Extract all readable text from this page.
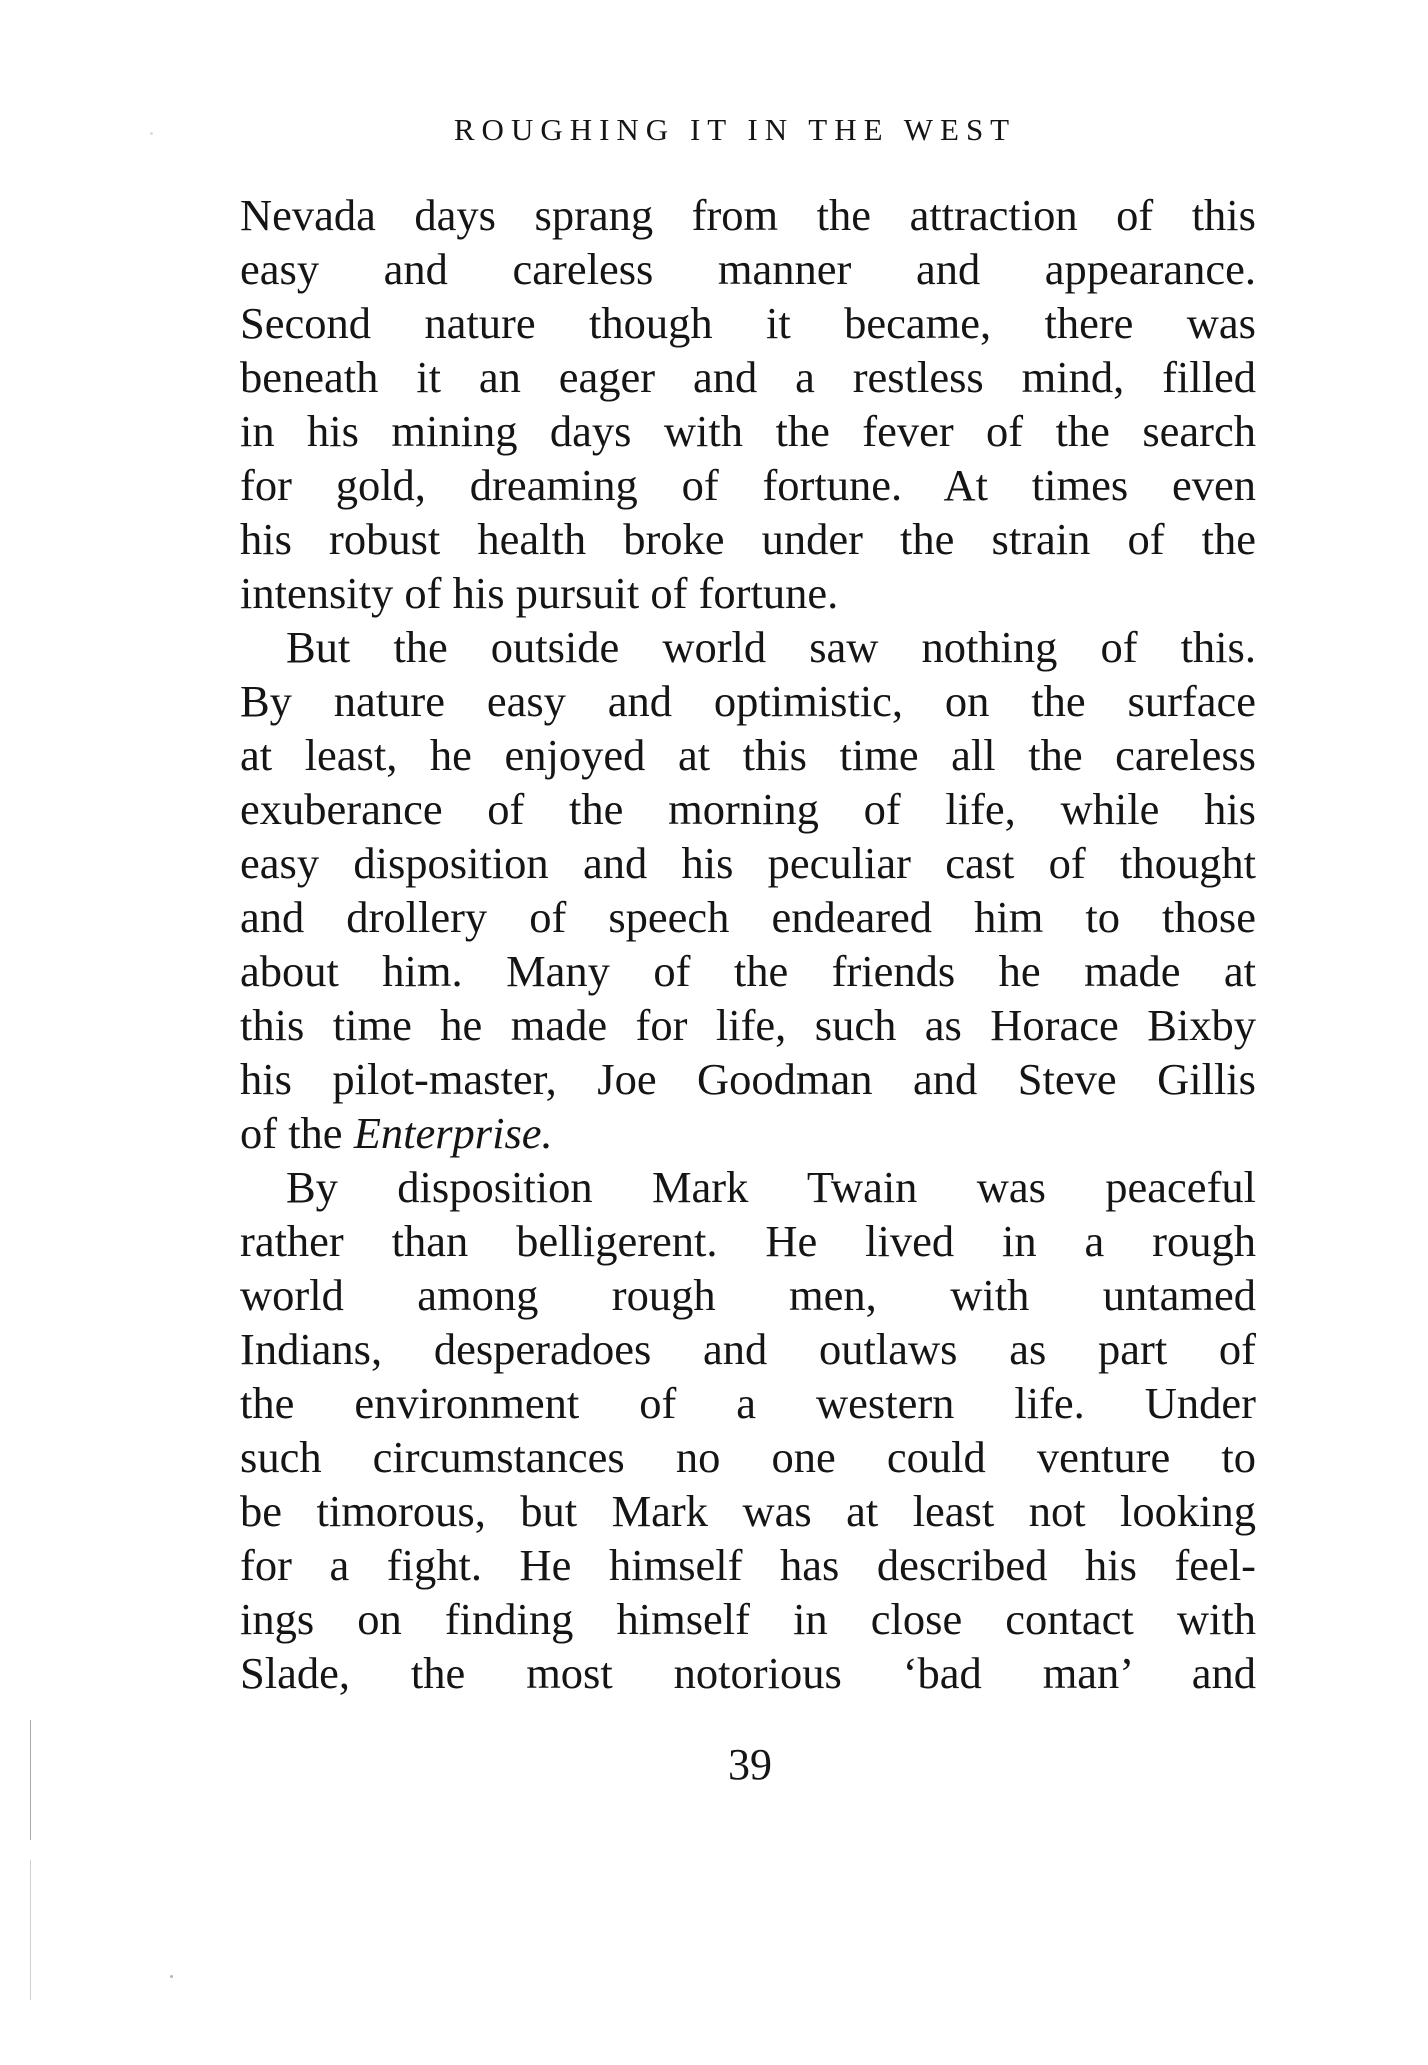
ROUGHING IT IN THE WEST
Nevada days sprang from the attraction of this
easy and careless manner and appearance.
Second nature though it became, there was
beneath it an eager and a restless mind, filled
in his mining days with the fever of the search
for gold, dreaming of fortune. At times even
his robust health broke under the strain of the
intensity of his pursuit of fortune.
But the outside world saw nothing of this.
By nature easy and optimistic, on the surface
at least, he enjoyed at this time all the careless
exuberance of the morning of life, while his
easy disposition and his peculiar cast of thought
and drollery of speech endeared him to those
about him. Many of the friends he made at
this time he made for life, such as Horace Bixby
his pilot-master, Joe Goodman and Steve Gillis
of the Enterprise.
By disposition Mark Twain was peaceful
rather than belligerent. He lived in a rough
world among rough men, with untamed
Indians, desperadoes and outlaws as part of
the environment of a western life. Under
such circumstances no one could venture to
be timorous, but Mark was at least not looking
for a fight. He himself has described his feel-
ings on finding himself in close contact with
Slade, the most notorious ‘bad man’ and
39
